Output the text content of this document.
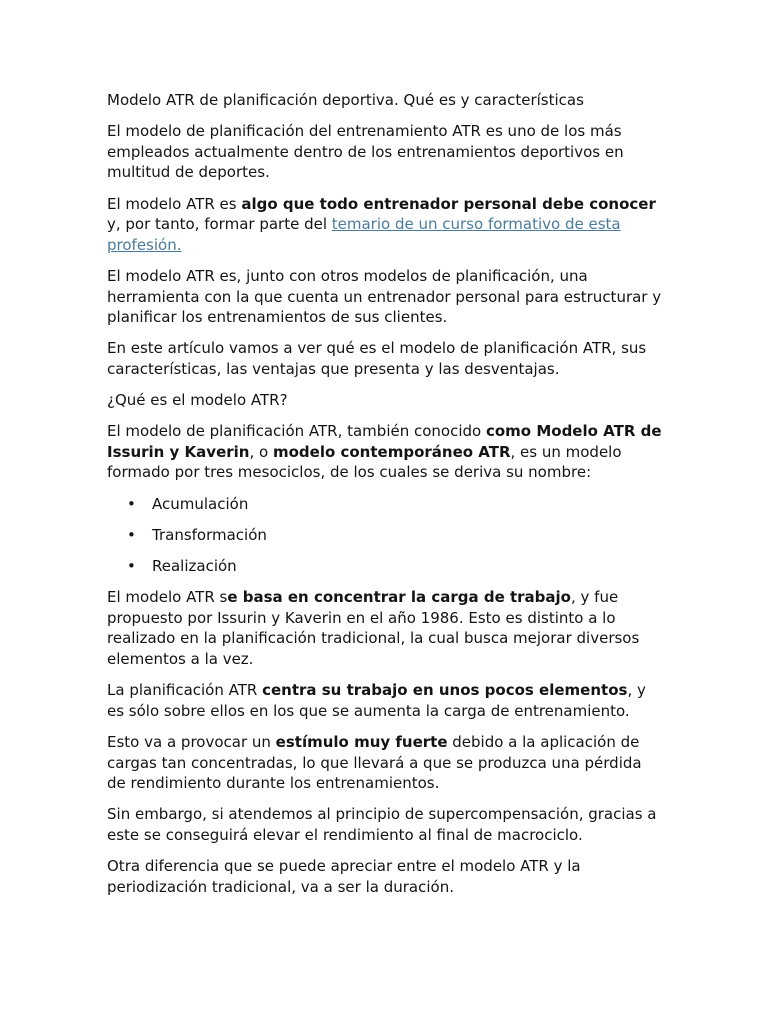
Modelo ATR de planificación deportiva. Qué es y características

El modelo de planificación del entrenamiento ATR es uno de los más empleados actualmente dentro de los entrenamientos deportivos en multitud de deportes.

El modelo ATR es algo que todo entrenador personal debe conocer y, por tanto, formar parte del temario de un curso formativo de esta profesión.

El modelo ATR es, junto con otros modelos de planificación, una herramienta con la que cuenta un entrenador personal para estructurar y planificar los entrenamientos de sus clientes.

En este artículo vamos a ver qué es el modelo de planificación ATR, sus características, las ventajas que presenta y las desventajas.

¿Qué es el modelo ATR?

El modelo de planificación ATR, también conocido como Modelo ATR de Issurin y Kaverin, o modelo contemporáneo ATR, es un modelo formado por tres mesociclos, de los cuales se deriva su nombre:

• Acumulación
• Transformación
• Realización

El modelo ATR se basa en concentrar la carga de trabajo, y fue propuesto por Issurin y Kaverin en el año 1986. Esto es distinto a lo realizado en la planificación tradicional, la cual busca mejorar diversos elementos a la vez.

La planificación ATR centra su trabajo en unos pocos elementos, y es sólo sobre ellos en los que se aumenta la carga de entrenamiento.

Esto va a provocar un estímulo muy fuerte debido a la aplicación de cargas tan concentradas, lo que llevará a que se produzca una pérdida de rendimiento durante los entrenamientos.

Sin embargo, si atendemos al principio de supercompensación, gracias a este se conseguirá elevar el rendimiento al final de macrociclo.

Otra diferencia que se puede apreciar entre el modelo ATR y la periodización tradicional, va a ser la duración.
